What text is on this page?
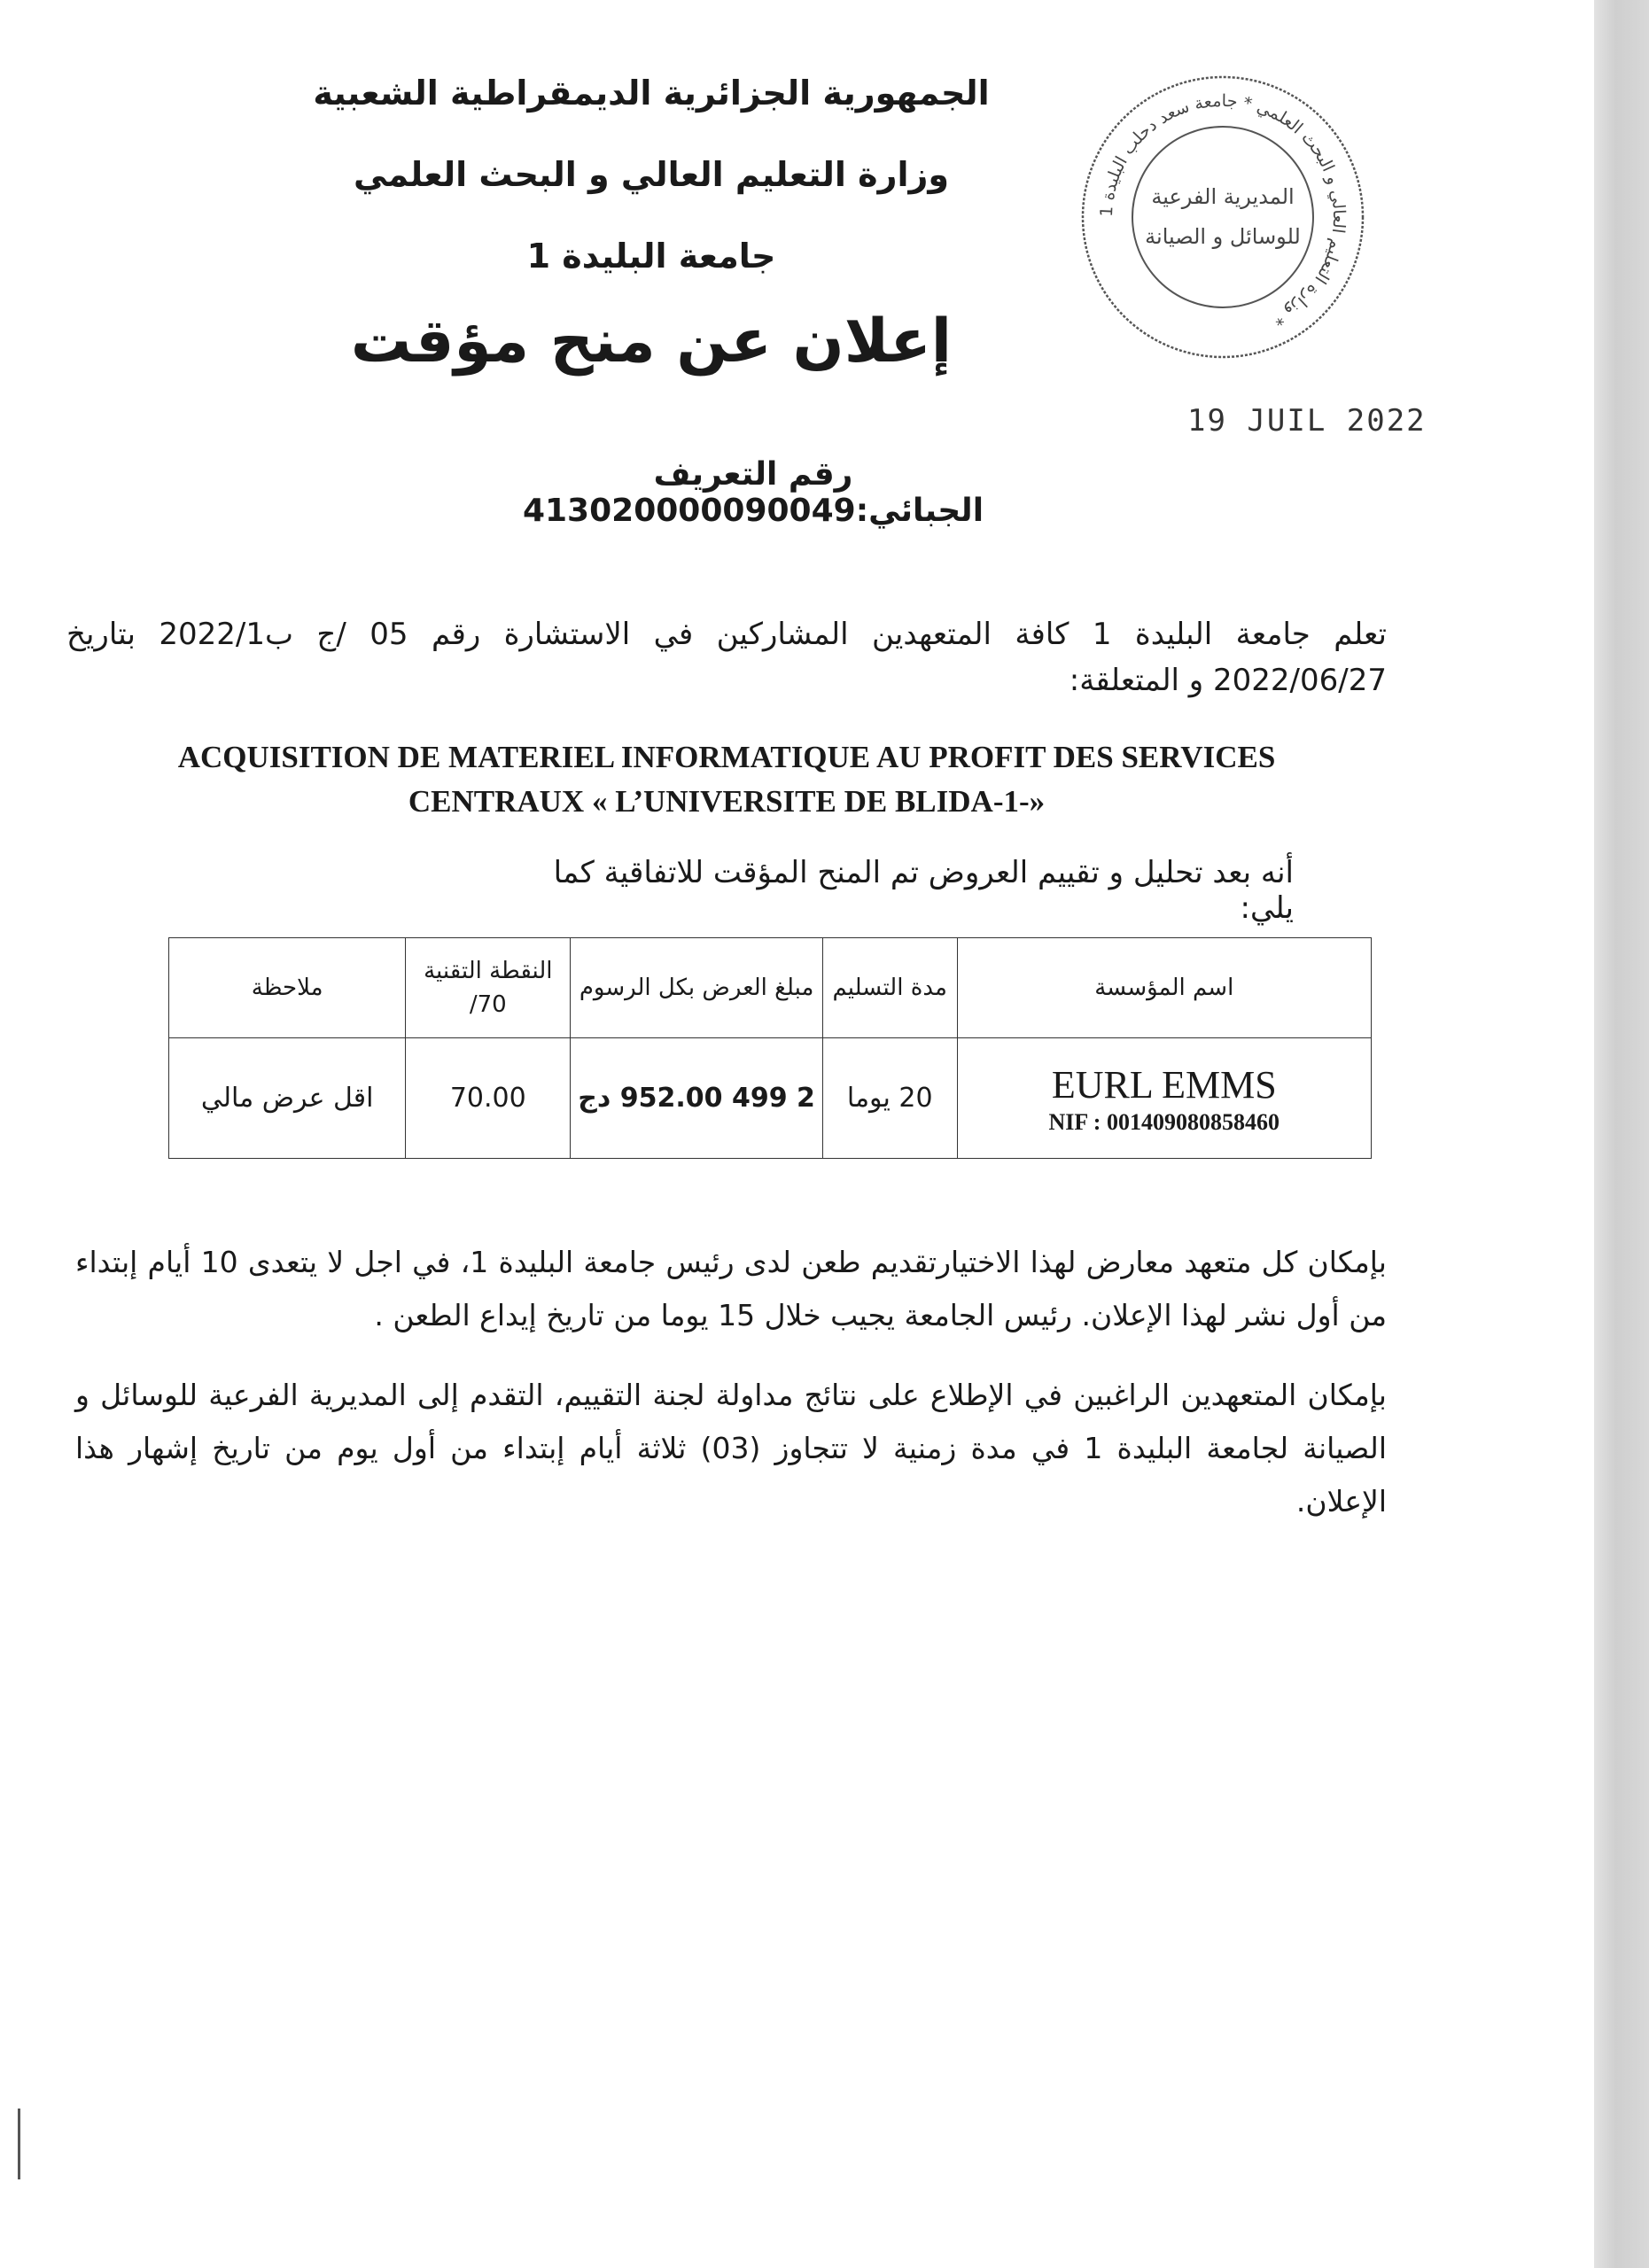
الجمهورية الجزائرية الديمقراطية الشعبية
وزارة التعليم العالي و البحث العلمي
جامعة البليدة 1
إعلان عن منح مؤقت
رقم التعريف الجبائي:413020000090049
وزارة التعليم العالي و البحث العلمي * جامعة سعد دحلب البليدة 1 *
المديرية الفرعية
للوسائل و الصيانة
19 JUIL 2022
تعلم جامعة البليدة 1 كافة المتعهدين المشاركين في الاستشارة رقم 05 /ج ب2022/1 بتاريخ 2022/06/27 و المتعلقة:
ACQUISITION DE MATERIEL INFORMATIQUE AU PROFIT DES SERVICES
CENTRAUX « L’UNIVERSITE DE BLIDA-1-»
أنه بعد تحليل و تقييم العروض تم المنح المؤقت للاتفاقية كما يلي:
اسم المؤسسة	مدة التسليم	مبلغ العرض بكل الرسوم	النقطة التقنية 70/	ملاحظة

EURL EMMS
NIF : 001409080858460	20 يوما	2 499 952.00 دج	70.00	اقل عرض مالي
بإمكان كل متعهد معارض لهذا الاختيارتقديم طعن لدى رئيس جامعة البليدة 1، في اجل لا يتعدى 10 أيام إبتداء من أول نشر لهذا الإعلان. رئيس الجامعة يجيب خلال 15 يوما من تاريخ إيداع الطعن .
بإمكان المتعهدين الراغبين في الإطلاع على نتائج مداولة لجنة التقييم، التقدم إلى المديرية الفرعية للوسائل و الصيانة لجامعة البليدة 1 في مدة زمنية لا تتجاوز (03) ثلاثة أيام إبتداء من أول يوم من تاريخ إشهار هذا الإعلان.
